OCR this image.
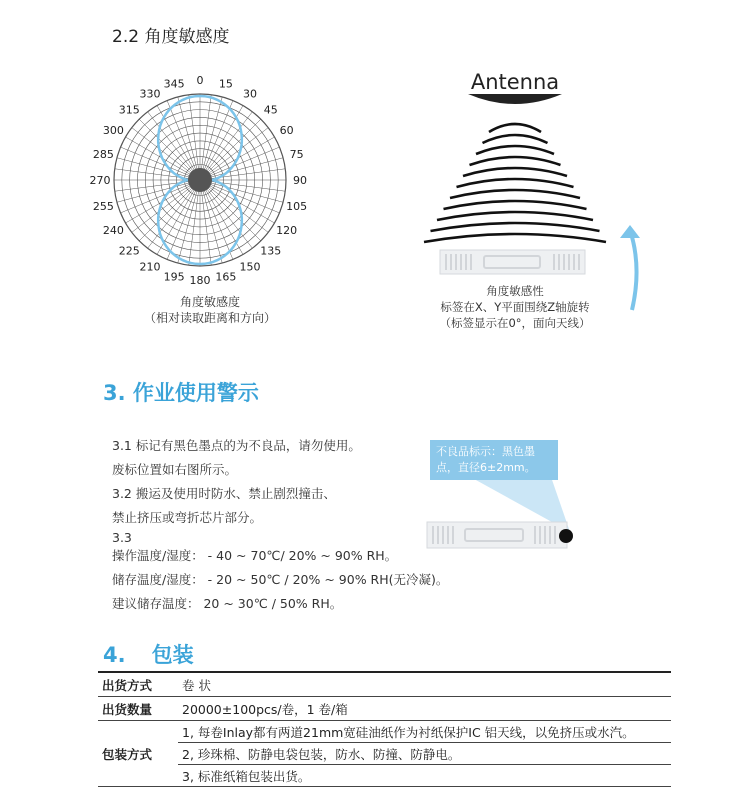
2.2 角度敏感度
0 15
30
45
60
75
90
105
120
135
150
165
180
195
210
225
240
255
270
285
300
315
330
345
角度敏感度
（相对读取距离和方向）
Antenna
角度敏感性
标签在X、Y平面围绕Z轴旋转
（标签显示在0°，面向天线）
3. 作业使用警示
3.1 标记有黑色墨点的为不良品，请勿使用。
废标位置如右图所示。
3.2 搬运及使用时防水、禁止剧烈撞击、
禁止挤压或弯折芯片部分。
3.3
操作温度/湿度： - 40 ~ 70℃/ 20% ~ 90% RH。
储存温度/湿度： - 20 ~ 50℃ / 20% ~ 90% RH(无冷凝)。
建议储存温度： 20 ~ 30℃ / 50% RH。
不良品标示：黑色墨点，直径6±2mm。
4. 包装
出货方式	卷 状
出货数量	20000±100pcs/卷，1 卷/箱
包装方式	1, 每卷Inlay都有两道21mm宽硅油纸作为衬纸保护IC 铝天线，以免挤压或水汽。
	2, 珍珠棉、防静电袋包装，防水、防撞、防静电。
	3, 标准纸箱包装出货。
